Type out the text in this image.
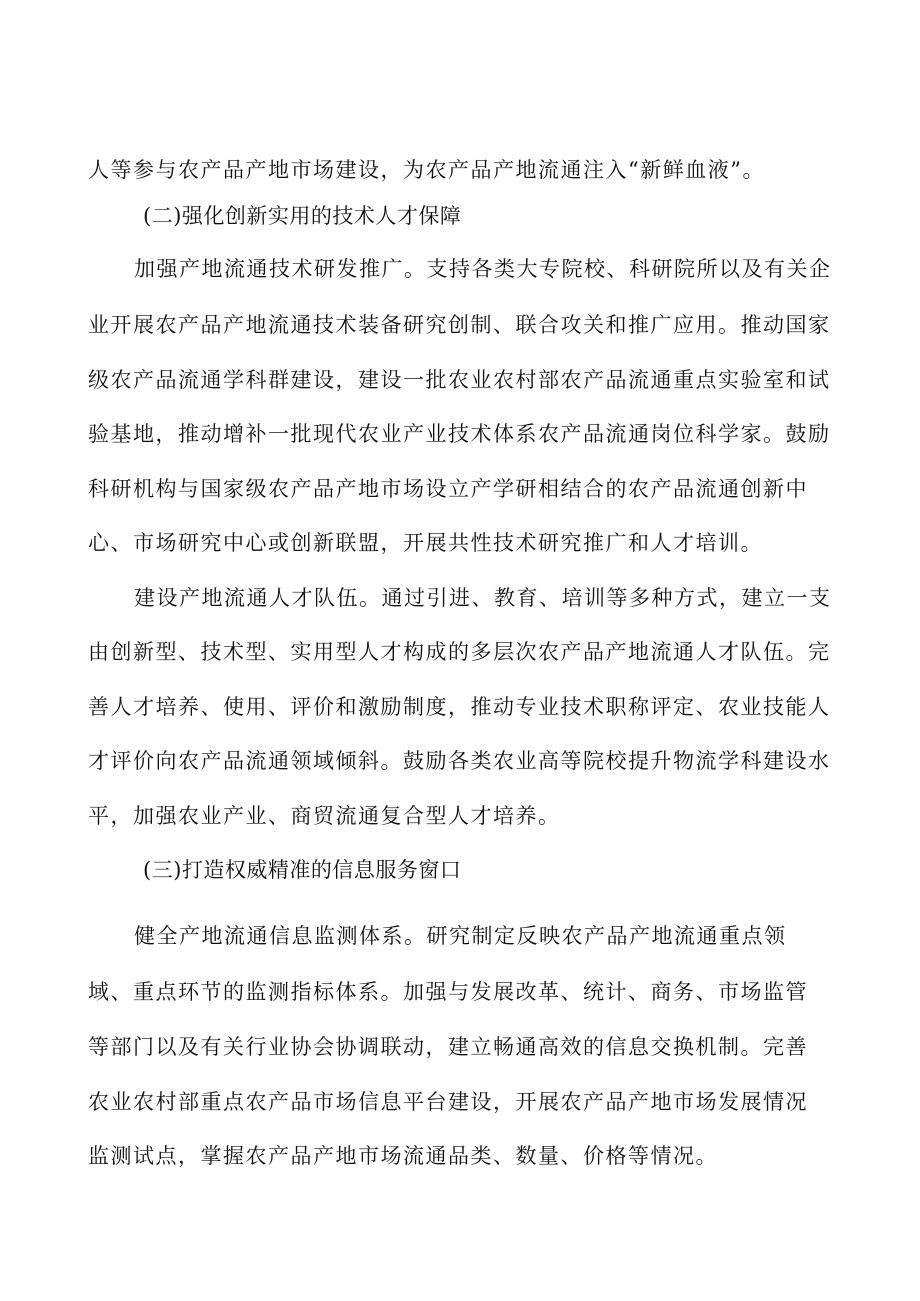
人等参与农产品产地市场建设，为农产品产地流通注入“新鲜血液”。
(二)强化创新实用的技术人才保障
加强产地流通技术研发推广。支持各类大专院校、科研院所以及有关企
业开展农产品产地流通技术装备研究创制、联合攻关和推广应用。推动国家
级农产品流通学科群建设，建设一批农业农村部农产品流通重点实验室和试
验基地，推动增补一批现代农业产业技术体系农产品流通岗位科学家。鼓励
科研机构与国家级农产品产地市场设立产学研相结合的农产品流通创新中
心、市场研究中心或创新联盟，开展共性技术研究推广和人才培训。
建设产地流通人才队伍。通过引进、教育、培训等多种方式，建立一支
由创新型、技术型、实用型人才构成的多层次农产品产地流通人才队伍。完
善人才培养、使用、评价和激励制度，推动专业技术职称评定、农业技能人
才评价向农产品流通领域倾斜。鼓励各类农业高等院校提升物流学科建设水
平，加强农业产业、商贸流通复合型人才培养。
(三)打造权威精准的信息服务窗口
健全产地流通信息监测体系。研究制定反映农产品产地流通重点领
域、重点环节的监测指标体系。加强与发展改革、统计、商务、市场监管
等部门以及有关行业协会协调联动，建立畅通高效的信息交换机制。完善
农业农村部重点农产品市场信息平台建设，开展农产品产地市场发展情况
监测试点，掌握农产品产地市场流通品类、数量、价格等情况。
